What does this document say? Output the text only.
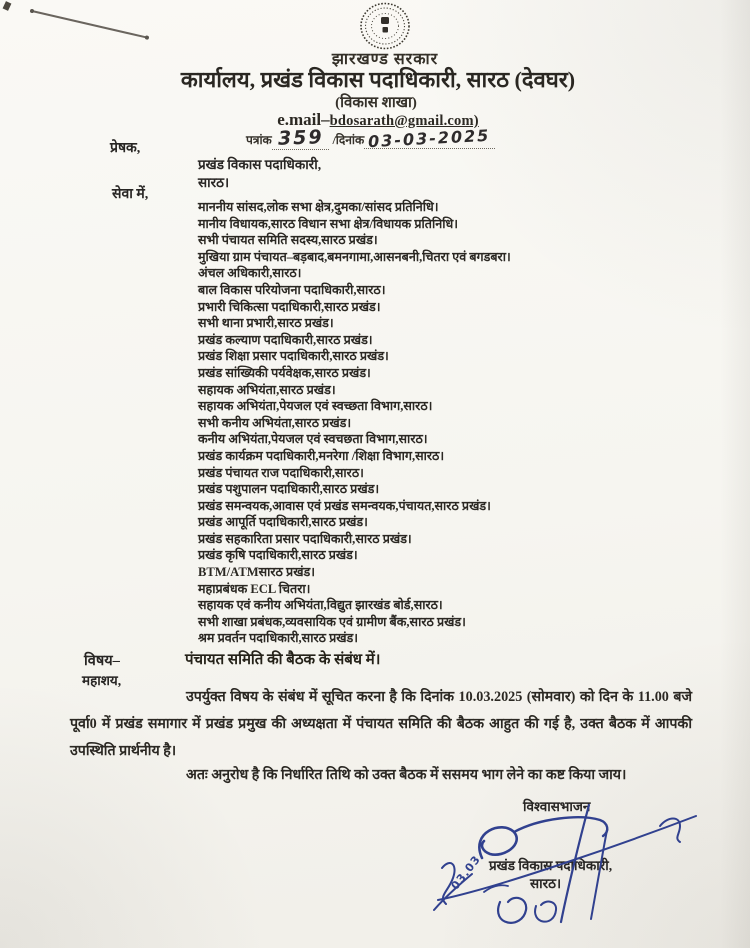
झारखण्ड सरकार
कार्यालय, प्रखंड विकास पदाधिकारी, सारठ (देवघर)
(विकास शाखा)
e.mail–bdosarath@gmail.com)
पत्रांक 359 /दिनांक 03-03-2025
प्रेषक,
प्रखंड विकास पदाधिकारी,
सारठ।
सेवा में,
माननीय सांसद,लोक सभा क्षेत्र,दुमका/सांसद प्रतिनिधि।
मानीय विधायक,सारठ विधान सभा क्षेत्र/विधायक प्रतिनिधि।
सभी पंचायत समिति सदस्य,सारठ प्रखंड।
मुखिया ग्राम पंचायत–बड़बाद,बमनगामा,आसनबनी,चितरा एवं बगडबरा।
अंचल अधिकारी,सारठ।
बाल विकास परियोजना पदाधिकारी,सारठ।
प्रभारी चिकित्सा पदाधिकारी,सारठ प्रखंड।
सभी थाना प्रभारी,सारठ प्रखंड।
प्रखंड कल्याण पदाधिकारी,सारठ प्रखंड।
प्रखंड शिक्षा प्रसार पदाधिकारी,सारठ प्रखंड।
प्रखंड सांख्यिकी पर्यवेक्षक,सारठ प्रखंड।
सहायक अभियंता,सारठ प्रखंड।
सहायक अभियंता,पेयजल एवं स्वच्छता विभाग,सारठ।
सभी कनीय अभियंता,सारठ प्रखंड।
कनीय अभियंता,पेयजल एवं स्वचछता विभाग,सारठ।
प्रखंड कार्यक्रम पदाधिकारी,मनरेगा /शिक्षा विभाग,सारठ।
प्रखंड पंचायत राज पदाधिकारी,सारठ।
प्रखंड पशुपालन पदाधिकारी,सारठ प्रखंड।
प्रखंड समन्वयक,आवास एवं प्रखंड समन्वयक,पंचायत,सारठ प्रखंड।
प्रखंड आपूर्ति पदाधिकारी,सारठ प्रखंड।
प्रखंड सहकारिता प्रसार पदाधिकारी,सारठ प्रखंड।
प्रखंड कृषि पदाधिकारी,सारठ प्रखंड।
BTM/ATMसारठ प्रखंड।
महाप्रबंधक ECL चितरा।
सहायक एवं कनीय अभियंता,विद्युत झारखंड बोर्ड,सारठ।
सभी शाखा प्रबंधक,व्यवसायिक एवं ग्रामीण बैंक,सारठ प्रखंड।
श्रम प्रवर्तन पदाधिकारी,सारठ प्रखंड।
विषय–	पंचायत समिति की बैठक के संबंध में।
महाशय,
उपर्युक्त विषय के संबंध में सूचित करना है कि दिनांक 10.03.2025 (सोमवार) को दिन के 11.00 बजे पूर्वा0 में प्रखंड समागार में प्रखंड प्रमुख की अध्यक्षता में पंचायत समिति की बैठक आहुत की गई है, उक्त बैठक में आपकी उपस्थिति प्रार्थनीय है।
अतः अनुरोध है कि निर्धारित तिथि को उक्त बैठक में ससमय भाग लेने का कष्ट किया जाय।
विश्वासभाजन
प्रखंड विकास पदाधिकारी,
सारठ।
03.03
